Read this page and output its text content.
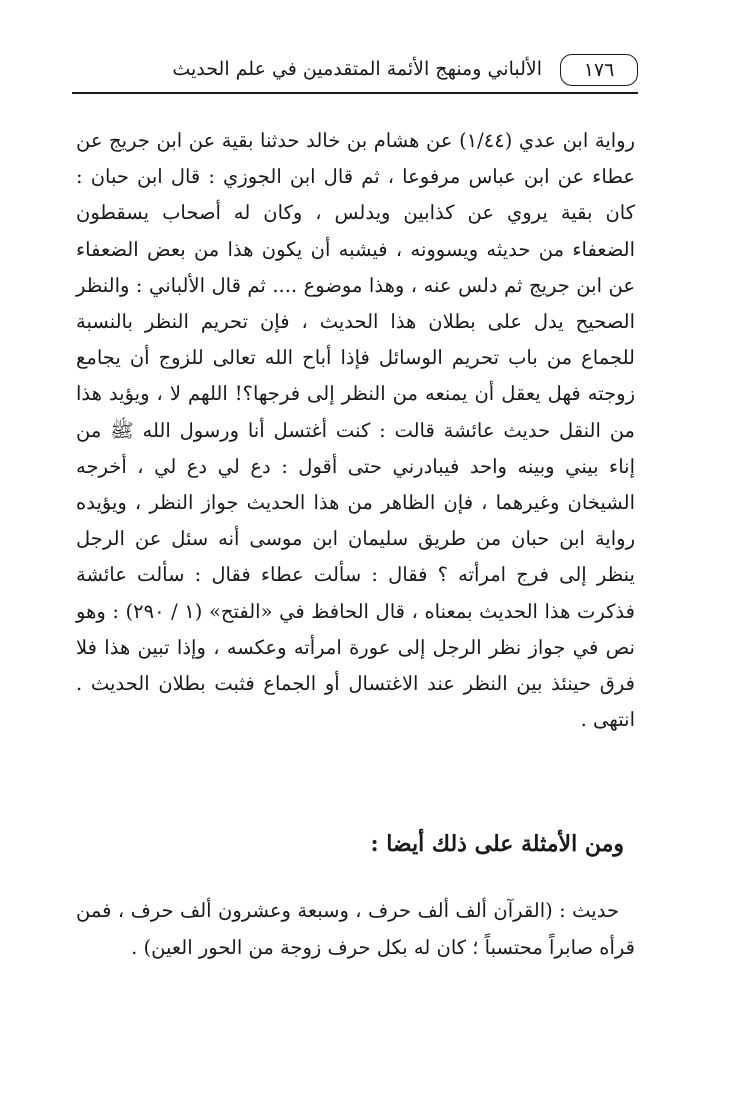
١٧٦
الألباني ومنهج الأئمة المتقدمين في علم الحديث

رواية ابن عدي (١/٤٤) عن هشام بن خالد حدثنا بقية عن ابن جريج عن عطاء عن ابن عباس مرفوعا ، ثم قال ابن الجوزي : قال ابن حبان : كان بقية يروي عن كذابين ويدلس ، وكان له أصحاب يسقطون الضعفاء من حديثه ويسوونه ، فيشبه أن يكون هذا من بعض الضعفاء عن ابن جريج ثم دلس عنه ، وهذا موضوع .... ثم قال الألباني : والنظر الصحيح يدل على بطلان هذا الحديث ، فإن تحريم النظر بالنسبة للجماع من باب تحريم الوسائل فإذا أباح الله تعالى للزوج أن يجامع زوجته فهل يعقل أن يمنعه من النظر إلى فرجها؟! اللهم لا ، ويؤيد هذا من النقل حديث عائشة قالت : كنت أغتسل أنا ورسول الله ﷺ من إناء بيني وبينه واحد فيبادرني حتى أقول : دع لي دع لي ، أخرجه الشيخان وغيرهما ، فإن الظاهر من هذا الحديث جواز النظر ، ويؤيده رواية ابن حبان من طريق سليمان ابن موسى أنه سئل عن الرجل ينظر إلى فرج امرأته ؟ فقال : سألت عطاء فقال : سألت عائشة فذكرت هذا الحديث بمعناه ، قال الحافظ في «الفتح» (١ / ٢٩٠) : وهو نص في جواز نظر الرجل إلى عورة امرأته وعكسه ، وإذا تبين هذا فلا فرق حينئذ بين النظر عند الاغتسال أو الجماع فثبت بطلان الحديث . انتهى .

ومن الأمثلة على ذلك أيضا :

حديث : (القرآن ألف ألف حرف ، وسبعة وعشرون ألف حرف ، فمن قرأه صابراً محتسباً ؛ كان له بكل حرف زوجة من الحور العين) .
